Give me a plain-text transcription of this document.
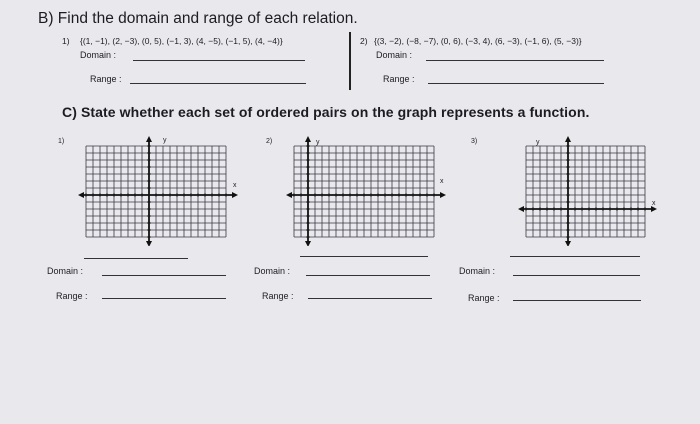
B) Find the domain and range of each relation.
1) {(1, −1), (2, −3), (0, 5), (−1, 3), (4, −5), (−1, 5), (4, −4)}
Domain :
Range :
2) {(3, −2), (−8, −7), (0, 6), (−3, 4), (6, −3), (−1, 6), (5, −3)}
Domain :
Range :
C) State whether each set of ordered pairs on the graph represents a function.
1)	y
x
Domain :
Range :
2)	y
x
Domain :
Range :
3)	y
x
Domain :
Range :
